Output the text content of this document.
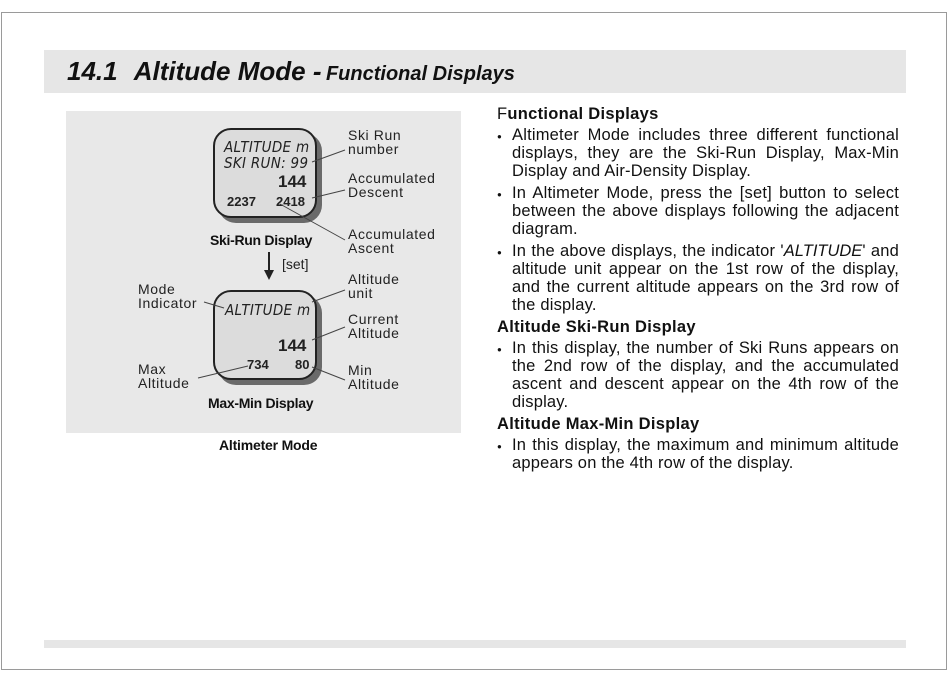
14.1 Altitude Mode - Functional Displays
ALTITUDE m
SKI RUN: 99
144
2237 2418
Ski-Run Display
[set]
ALTITUDE m
144
734 80
Max-Min Display
Ski Run
number
Accumulated
Descent
Accumulated
Ascent
Altitude
unit
Current
Altitude
Min
Altitude
Mode
Indicator
Max
Altitude
Altimeter Mode
Functional Displays
● Altimeter Mode includes three different functional displays, they are the Ski-Run Display, Max-Min Display and Air-Density Display.
● In Altimeter Mode, press the [set] button to select between the above displays following the adjacent diagram.
● In the above displays, the indicator 'ALTITUDE' and altitude unit appear on the 1st row of the display, and the current altitude appears on the 3rd row of the display.
Altitude Ski-Run Display
● In this display, the number of Ski Runs appears on the 2nd row of the display, and the accumulated ascent and descent appear on the 4th row of the display.
Altitude Max-Min Display
● In this display, the maximum and minimum altitude appears on the 4th row of the display.
